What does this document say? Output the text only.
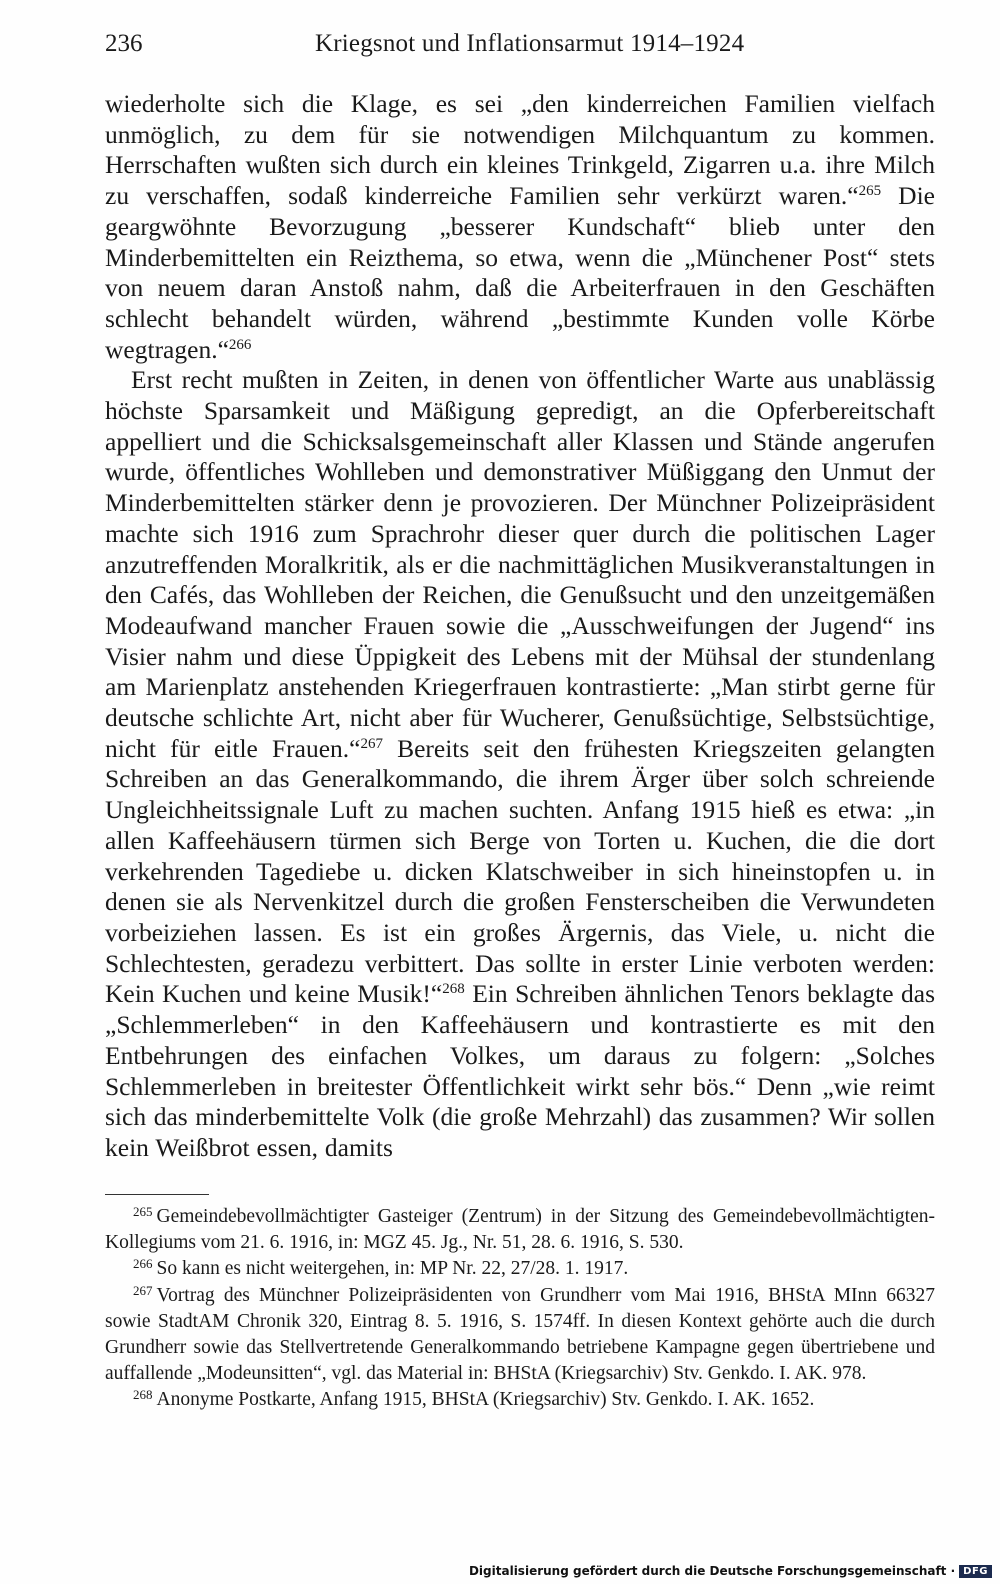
236	Kriegsnot und Inflationsarmut 1914–1924

wiederholte sich die Klage, es sei „den kinderreichen Familien vielfach unmöglich, zu dem für sie notwendigen Milchquantum zu kommen. Herrschaften wußten sich durch ein kleines Trinkgeld, Zigarren u.a. ihre Milch zu verschaffen, sodaß kinderreiche Familien sehr verkürzt waren.“$^{265}$ Die geargwöhnte Bevorzugung „besserer Kundschaft“ blieb unter den Minderbemittelten ein Reizthema, so etwa, wenn die „Münchener Post“ stets von neuem daran Anstoß nahm, daß die Arbeiterfrauen in den Geschäften schlecht behandelt würden, während „bestimmte Kunden volle Körbe wegtragen.“$^{266}$

Erst recht mußten in Zeiten, in denen von öffentlicher Warte aus unablässig höchste Sparsamkeit und Mäßigung gepredigt, an die Opferbereitschaft appelliert und die Schicksalsgemeinschaft aller Klassen und Stände angerufen wurde, öffentliches Wohlleben und demonstrativer Müßiggang den Unmut der Minderbemittelten stärker denn je provozieren. Der Münchner Polizeipräsident machte sich 1916 zum Sprachrohr dieser quer durch die politischen Lager anzutreffenden Moralkritik, als er die nachmittäglichen Musikveranstaltungen in den Cafés, das Wohlleben der Reichen, die Genußsucht und den unzeitgemäßen Modeaufwand mancher Frauen sowie die „Ausschweifungen der Jugend“ ins Visier nahm und diese Üppigkeit des Lebens mit der Mühsal der stundenlang am Marienplatz anstehenden Kriegerfrauen kontrastierte: „Man stirbt gerne für deutsche schlichte Art, nicht aber für Wucherer, Genußsüchtige, Selbstsüchtige, nicht für eitle Frauen.“$^{267}$ Bereits seit den frühesten Kriegszeiten gelangten Schreiben an das Generalkommando, die ihrem Ärger über solch schreiende Ungleichheitssignale Luft zu machen suchten. Anfang 1915 hieß es etwa: „in allen Kaffeehäusern türmen sich Berge von Torten u. Kuchen, die die dort verkehrenden Tagediebe u. dicken Klatschweiber in sich hineinstopfen u. in denen sie als Nervenkitzel durch die großen Fensterscheiben die Verwundeten vorbeiziehen lassen. Es ist ein großes Ärgernis, das Viele, u. nicht die Schlechtesten, geradezu verbittert. Das sollte in erster Linie verboten werden: Kein Kuchen und keine Musik!“$^{268}$ Ein Schreiben ähnlichen Tenors beklagte das „Schlemmerleben“ in den Kaffeehäusern und kontrastierte es mit den Entbehrungen des einfachen Volkes, um daraus zu folgern: „Solches Schlemmerleben in breitester Öffentlichkeit wirkt sehr bös.“ Denn „wie reimt sich das minderbemittelte Volk (die große Mehrzahl) das zusammen? Wir sollen kein Weißbrot essen, damits

$^{265}$ Gemeindebevollmächtigter Gasteiger (Zentrum) in der Sitzung des Gemeindebevollmächtigten-Kollegiums vom 21. 6. 1916, in: MGZ 45. Jg., Nr. 51, 28. 6. 1916, S. 530.

$^{266}$ So kann es nicht weitergehen, in: MP Nr. 22, 27/28. 1. 1917.

$^{267}$ Vortrag des Münchner Polizeipräsidenten von Grundherr vom Mai 1916, BHStA MInn 66327 sowie StadtAM Chronik 320, Eintrag 8. 5. 1916, S. 1574ff. In diesen Kontext gehörte auch die durch Grundherr sowie das Stellvertretende Generalkommando betriebene Kampagne gegen übertriebene und auffallende „Modeunsitten“, vgl. das Material in: BHStA (Kriegsarchiv) Stv. Genkdo. I. AK. 978.

$^{268}$ Anonyme Postkarte, Anfang 1915, BHStA (Kriegsarchiv) Stv. Genkdo. I. AK. 1652.

Digitalisierung gefördert durch die Deutsche Forschungsgemeinschaft · DFG
